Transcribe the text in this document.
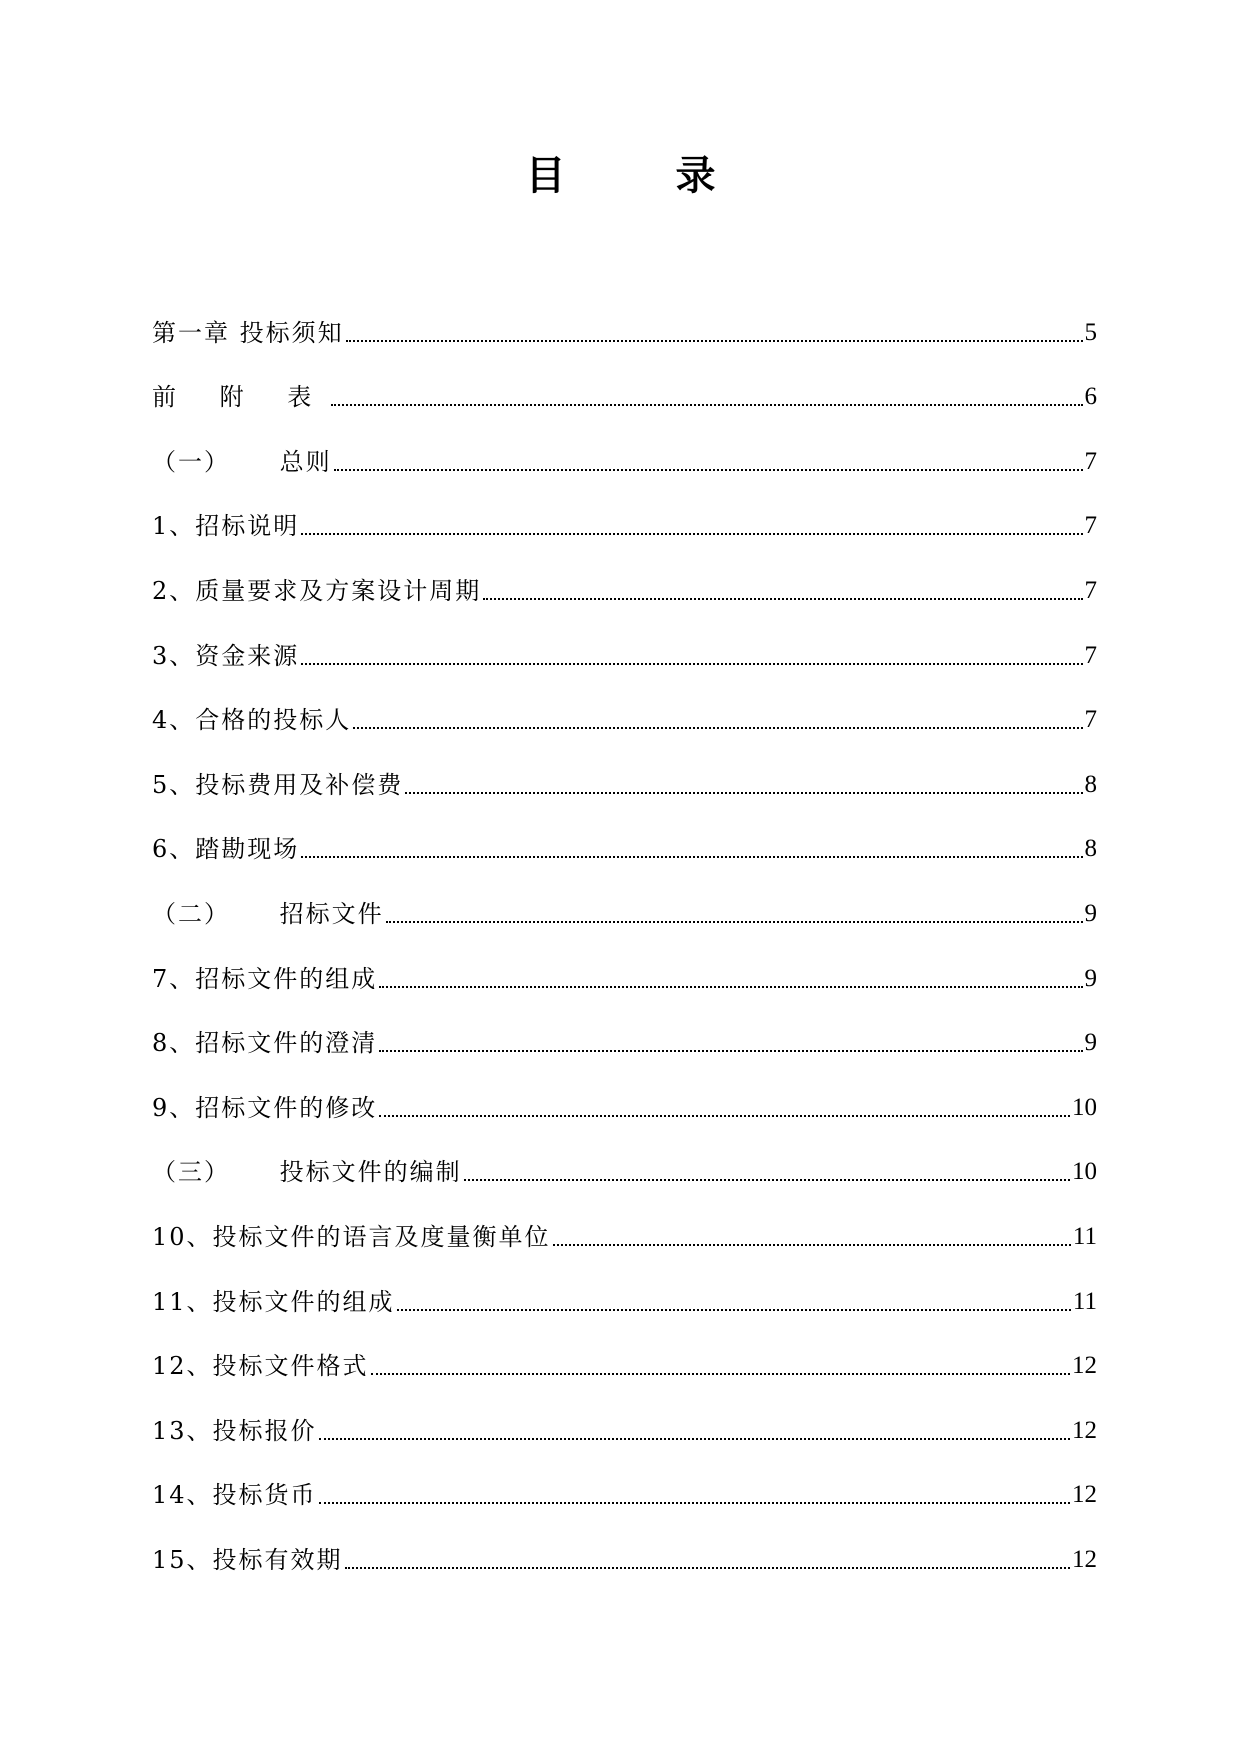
目 录
第一章 投标须知	5
前 附 表	6
（一） 总则	7
1、招标说明	7
2、质量要求及方案设计周期	7
3、资金来源	7
4、合格的投标人	7
5、投标费用及补偿费	8
6、踏勘现场	8
（二） 招标文件	9
7、招标文件的组成	9
8、招标文件的澄清	9
9、招标文件的修改	10
（三） 投标文件的编制	10
10、投标文件的语言及度量衡单位	11
11、投标文件的组成	11
12、投标文件格式	12
13、投标报价	12
14、投标货币	12
15、投标有效期	12
